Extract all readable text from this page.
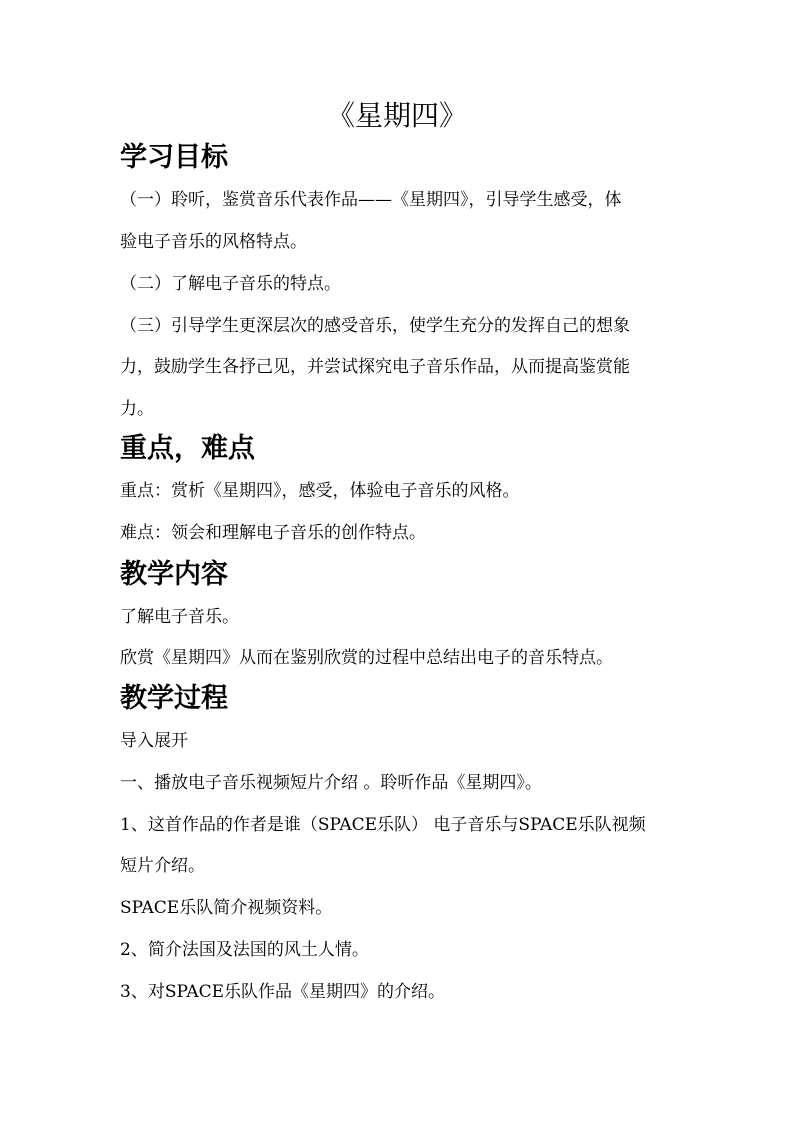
《星期四》
学习目标

（一）聆听，鉴赏音乐代表作品——《星期四》，引导学生感受，体

验电子音乐的风格特点。

（二）了解电子音乐的特点。

（三）引导学生更深层次的感受音乐，使学生充分的发挥自己的想象

力，鼓励学生各抒己见，并尝试探究电子音乐作品，从而提高鉴赏能

力。

重点，难点

重点：赏析《星期四》，感受，体验电子音乐的风格。

难点：领会和理解电子音乐的创作特点。

教学内容

了解电子音乐。

欣赏《星期四》从而在鉴别欣赏的过程中总结出电子的音乐特点。

教学过程

导入展开

一、播放电子音乐视频短片介绍 。聆听作品《星期四》。

1、这首作品的作者是谁（SPACE乐队） 电子音乐与SPACE乐队视频

短片介绍。

SPACE乐队简介视频资料。

2、简介法国及法国的风土人情。

3、对SPACE乐队作品《星期四》的介绍。
